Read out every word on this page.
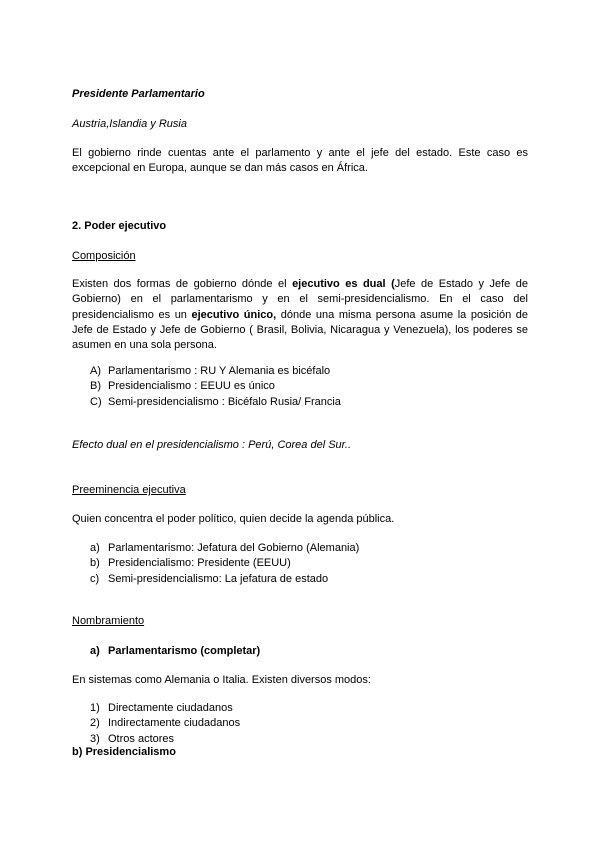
Presidente Parlamentario
Austria,Islandia y Rusia
El gobierno rinde cuentas ante el parlamento y ante el jefe del estado. Este caso es excepcional en Europa, aunque se dan más casos en África.
2. Poder ejecutivo
Composición
Existen dos formas de gobierno dónde el ejecutivo es dual (Jefe de Estado y Jefe de Gobierno) en el parlamentarismo y en el semi-presidencialismo. En el caso del presidencialismo es un ejecutivo único, dónde una misma persona asume la posición de Jefe de Estado y Jefe de Gobierno ( Brasil, Bolivia, Nicaragua y Venezuela), los poderes se asumen en una sola persona.
A) Parlamentarismo : RU Y Alemania es bicéfalo
B) Presidencialismo : EEUU es único
C) Semi-presidencialismo : Bicéfalo Rusia/ Francia
Efecto dual en el presidencialismo : Perú, Corea del Sur..
Preeminencia ejecutiva
Quien concentra el poder político, quien decide la agenda pública.
a) Parlamentarismo: Jefatura del Gobierno (Alemania)
b) Presidencialismo: Presidente (EEUU)
c) Semi-presidencialismo: La jefatura de estado
Nombramiento
a) Parlamentarismo (completar)
En sistemas como Alemania o Italia. Existen diversos modos:
1) Directamente ciudadanos
2) Indirectamente ciudadanos
3) Otros actores
b) Presidencialismo
